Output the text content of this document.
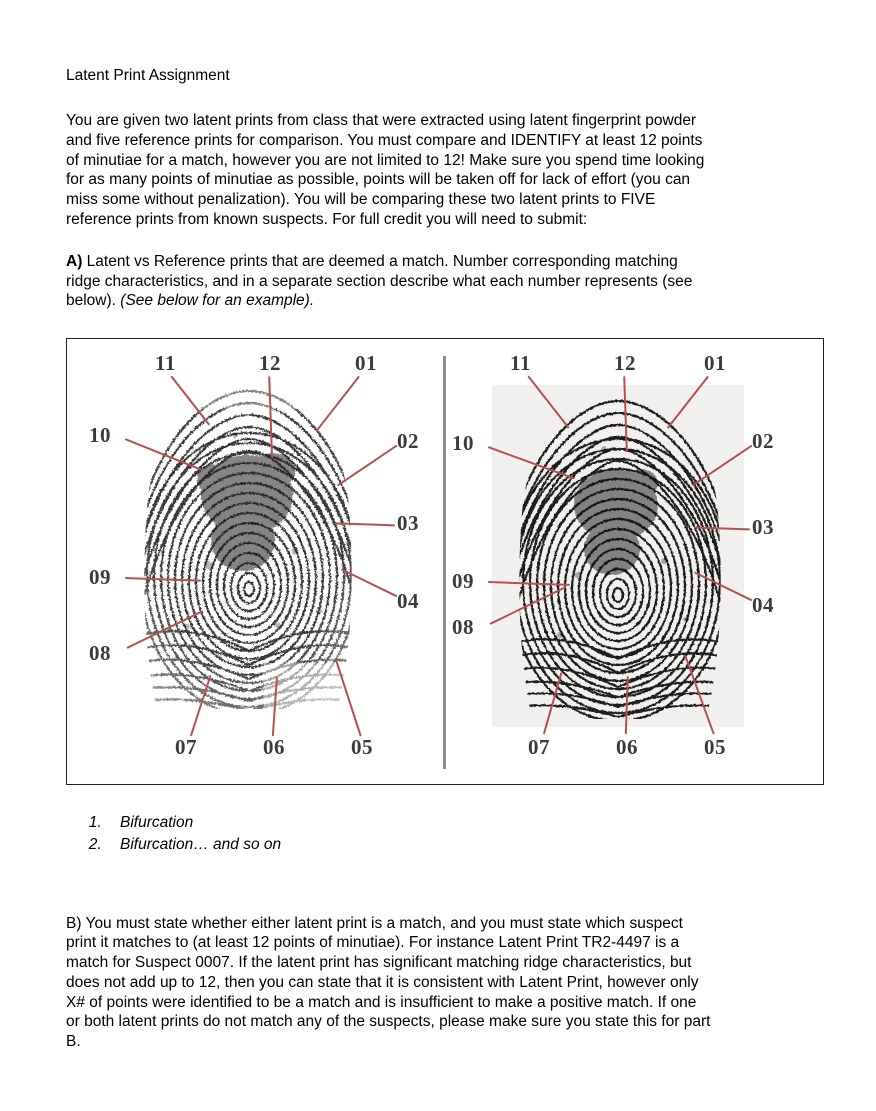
Latent Print Assignment

You are given two latent prints from class that were extracted using latent fingerprint powder and five reference prints for comparison. You must compare and IDENTIFY at least 12 points of minutiae for a match, however you are not limited to 12! Make sure you spend time looking for as many points of minutiae as possible, points will be taken off for lack of effort (you can miss some without penalization). You will be comparing these two latent prints to FIVE reference prints from known suspects. For full credit you will need to submit:

A) Latent vs Reference prints that are deemed a match. Number corresponding matching ridge characteristics, and in a separate section describe what each number represents (see below). (See below for an example).

11	12	01
10	02
03
09
04
08
07	06	05
11	12	01
10	02
03
09
04
08
07	06	05
1. Bifurcation
2. Bifurcation… and so on

B) You must state whether either latent print is a match, and you must state which suspect print it matches to (at least 12 points of minutiae). For instance Latent Print TR2-4497 is a match for Suspect 0007. If the latent print has significant matching ridge characteristics, but does not add up to 12, then you can state that it is consistent with Latent Print, however only X# of points were identified to be a match and is insufficient to make a positive match. If one or both latent prints do not match any of the suspects, please make sure you state this for part B.
